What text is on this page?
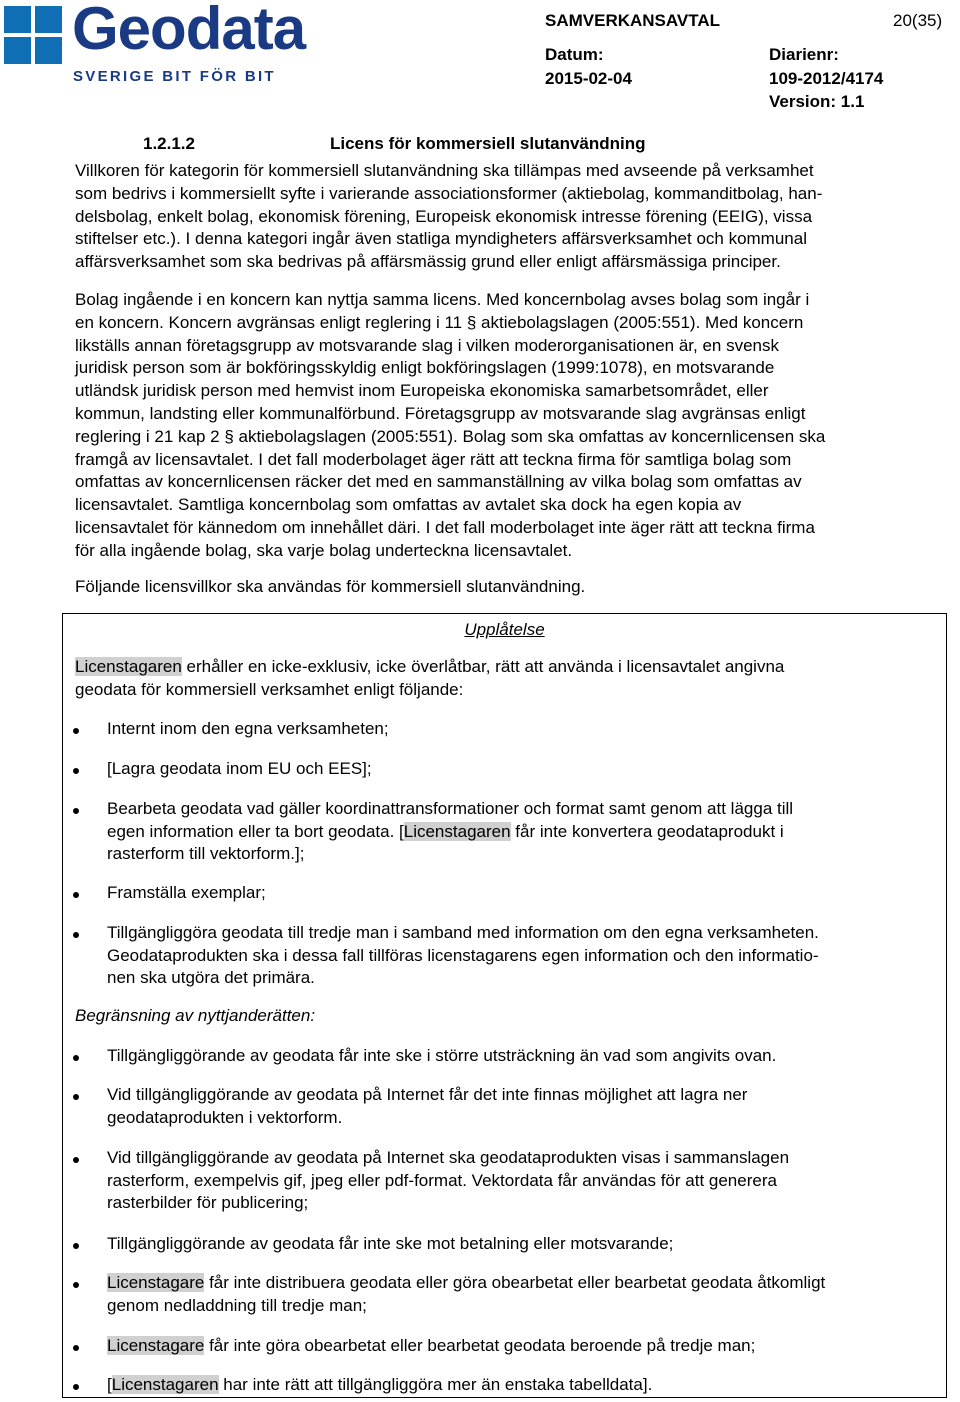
Geodata
SVERIGE BIT FÖR BIT
SAMVERKANSAVTAL	20(35)
Datum:
2015-02-04
Diarienr:
109-2012/4174
Version: 1.1
1.2.1.2	Licens för kommersiell slutanvändning
Villkoren för kategorin för kommersiell slutanvändning ska tillämpas med avseende på verksamhet
som bedrivs i kommersiellt syfte i varierande associationsformer (aktiebolag, kommanditbolag, han-
delsbolag, enkelt bolag, ekonomisk förening, Europeisk ekonomisk intresse förening (EEIG), vissa
stiftelser etc.). I denna kategori ingår även statliga myndigheters affärsverksamhet och kommunal
affärsverksamhet som ska bedrivas på affärsmässig grund eller enligt affärsmässiga principer.
Bolag ingående i en koncern kan nyttja samma licens. Med koncernbolag avses bolag som ingår i
en koncern. Koncern avgränsas enligt reglering i 11 § aktiebolagslagen (2005:551). Med koncern
likställs annan företagsgrupp av motsvarande slag i vilken moderorganisationen är, en svensk
juridisk person som är bokföringsskyldig enligt bokföringslagen (1999:1078), en motsvarande
utländsk juridisk person med hemvist inom Europeiska ekonomiska samarbetsområdet, eller
kommun, landsting eller kommunalförbund. Företagsgrupp av motsvarande slag avgränsas enligt
reglering i 21 kap 2 § aktiebolagslagen (2005:551). Bolag som ska omfattas av koncernlicensen ska
framgå av licensavtalet. I det fall moderbolaget äger rätt att teckna firma för samtliga bolag som
omfattas av koncernlicensen räcker det med en sammanställning av vilka bolag som omfattas av
licensavtalet. Samtliga koncernbolag som omfattas av avtalet ska dock ha egen kopia av
licensavtalet för kännedom om innehållet däri. I det fall moderbolaget inte äger rätt att teckna firma
för alla ingående bolag, ska varje bolag underteckna licensavtalet.
Följande licensvillkor ska användas för kommersiell slutanvändning.
Upplåtelse
Licenstagaren erhåller en icke-exklusiv, icke överlåtbar, rätt att använda i licensavtalet angivna
geodata för kommersiell verksamhet enligt följande:
Internt inom den egna verksamheten;
[Lagra geodata inom EU och EES];
Bearbeta geodata vad gäller koordinattransformationer och format samt genom att lägga till
egen information eller ta bort geodata. [Licenstagaren får inte konvertera geodataprodukt i
rasterform till vektorform.];
Framställa exemplar;
Tillgängliggöra geodata till tredje man i samband med information om den egna verksamheten.
Geodataprodukten ska i dessa fall tillföras licenstagarens egen information och den informatio-
nen ska utgöra det primära.
Begränsning av nyttjanderätten:
Tillgängliggörande av geodata får inte ske i större utsträckning än vad som angivits ovan.
Vid tillgängliggörande av geodata på Internet får det inte finnas möjlighet att lagra ner
geodataprodukten i vektorform.
Vid tillgängliggörande av geodata på Internet ska geodataprodukten visas i sammanslagen
rasterform, exempelvis gif, jpeg eller pdf-format. Vektordata får användas för att generera
rasterbilder för publicering;
Tillgängliggörande av geodata får inte ske mot betalning eller motsvarande;
Licenstagare får inte distribuera geodata eller göra obearbetat eller bearbetat geodata åtkomligt
genom nedladdning till tredje man;
Licenstagare får inte göra obearbetat eller bearbetat geodata beroende på tredje man;
[Licenstagaren har inte rätt att tillgängliggöra mer än enstaka tabelldata].
